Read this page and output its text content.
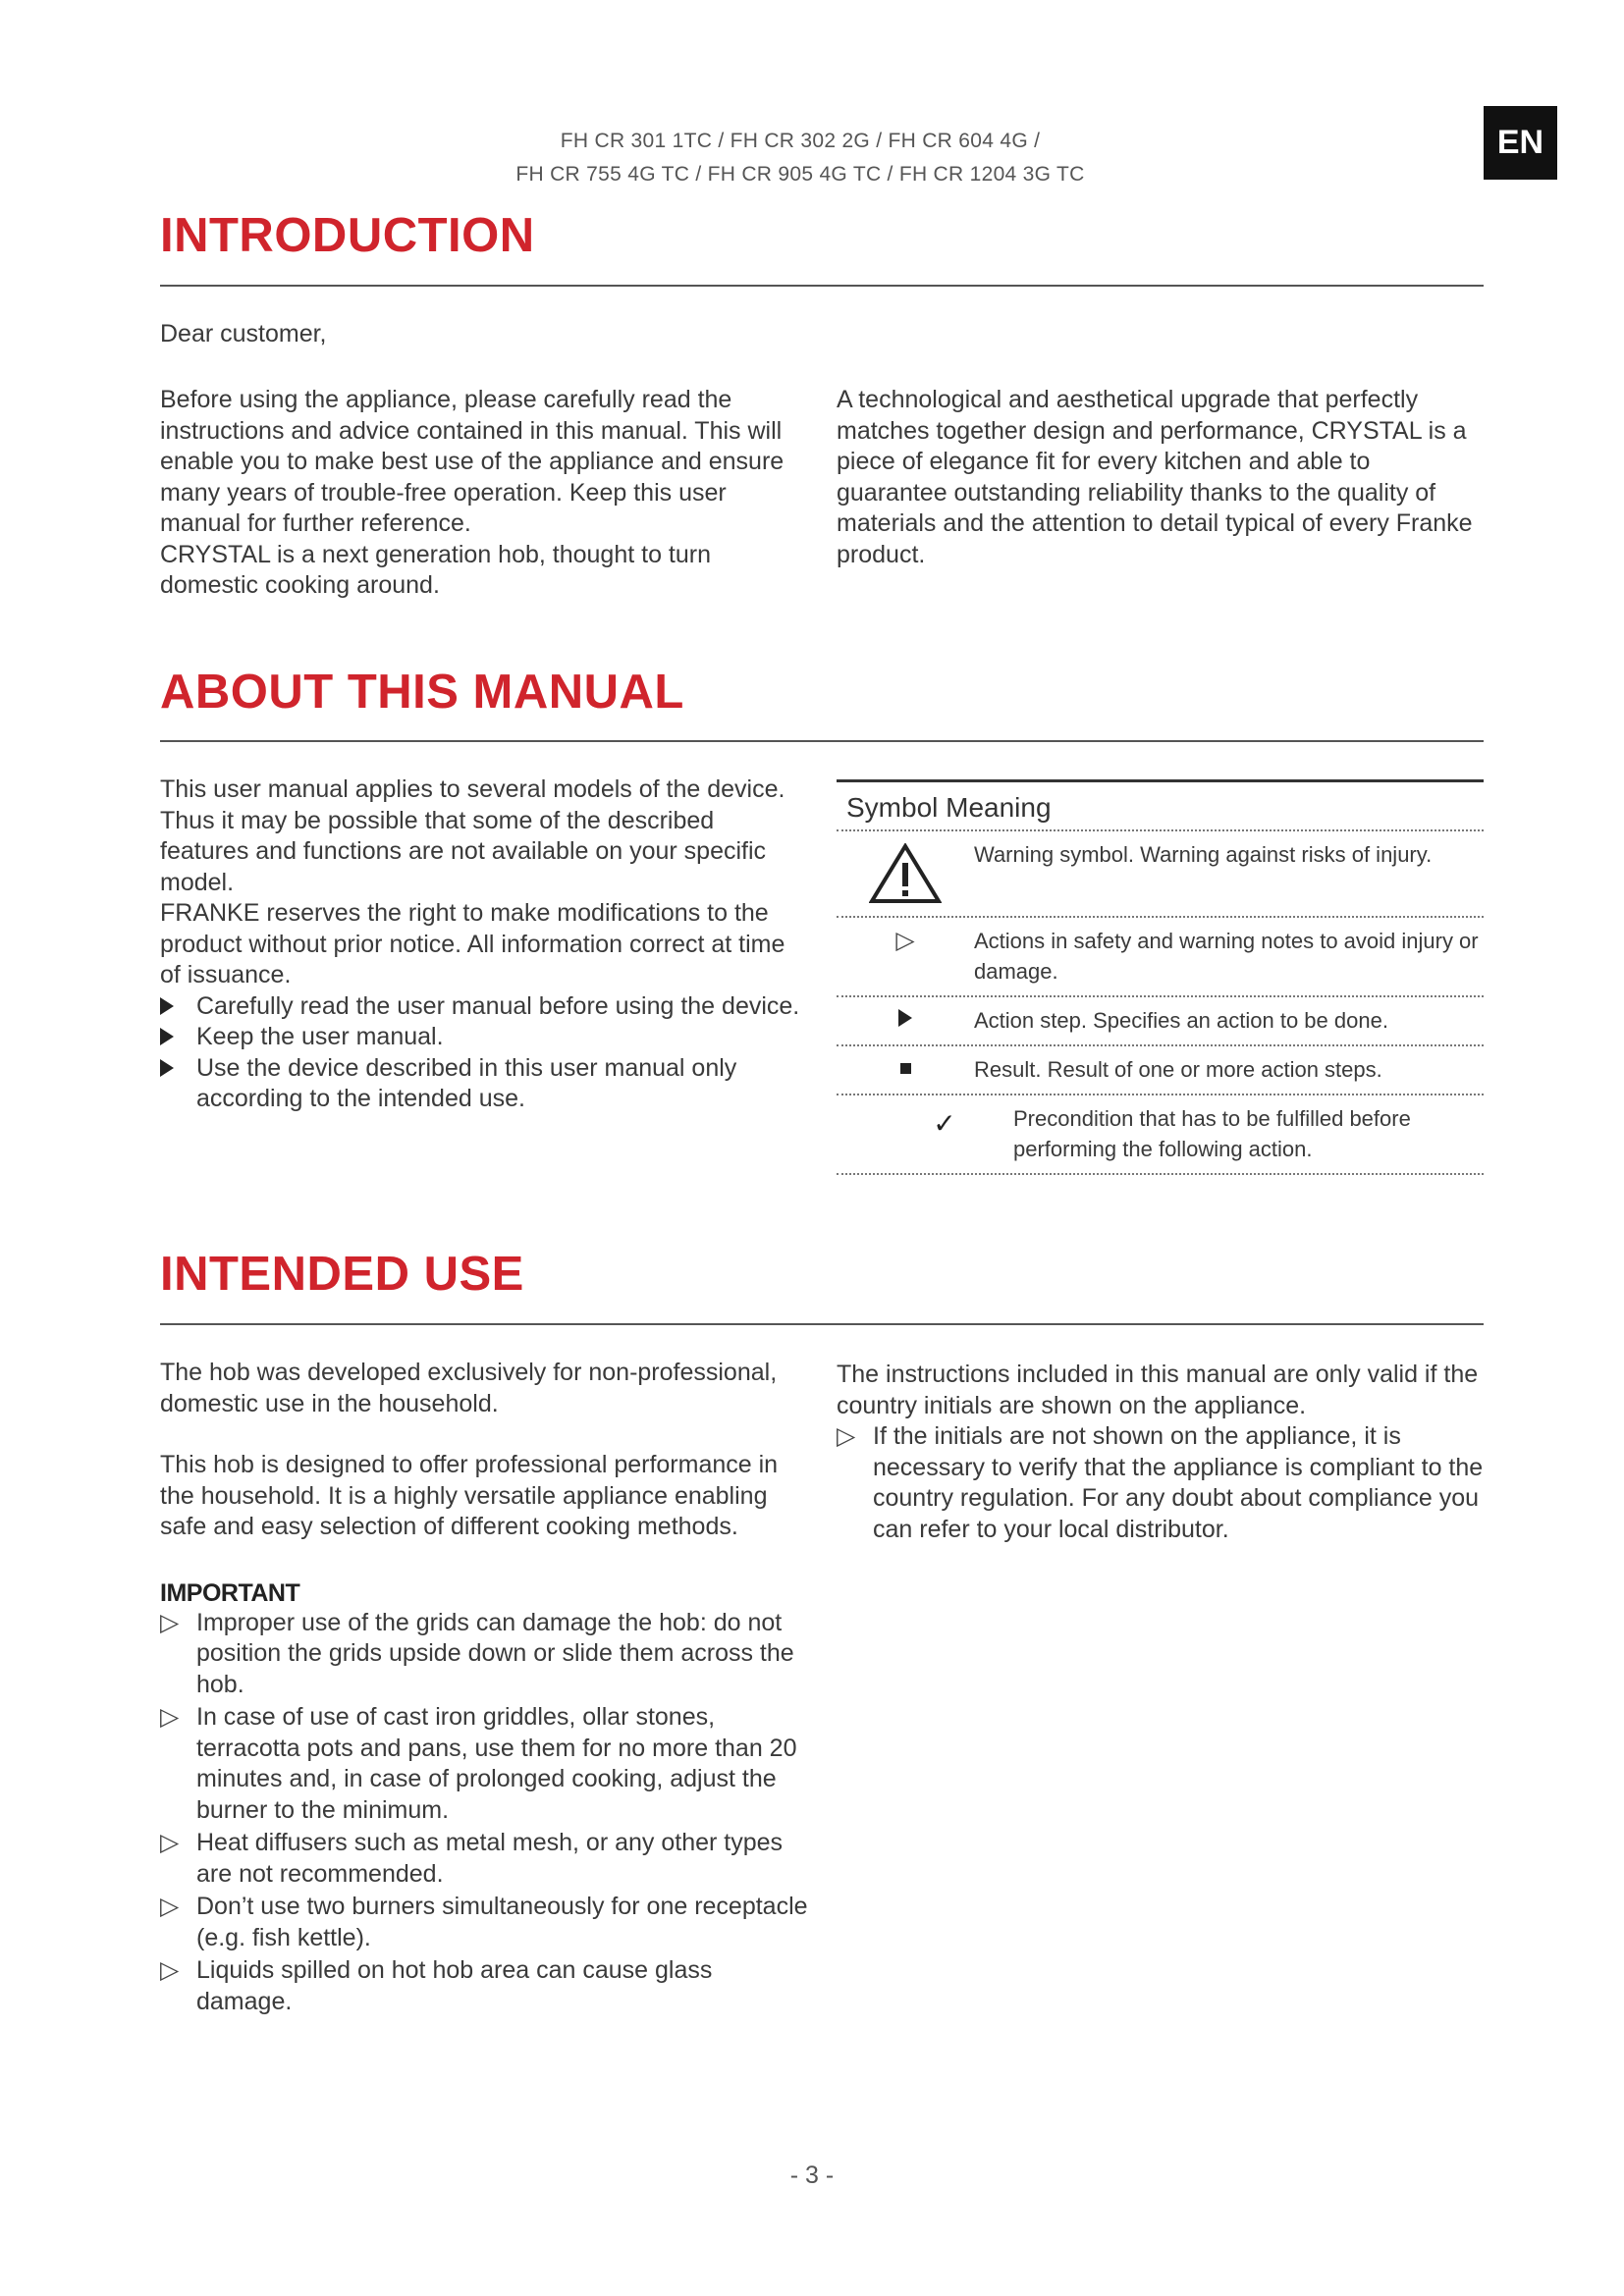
FH CR 301 1TC / FH CR 302 2G / FH CR 604 4G /
FH CR 755 4G TC / FH CR 905 4G TC / FH CR 1204 3G TC
EN
INTRODUCTION

Dear customer,

Before using the appliance, please carefully read the instructions and advice contained in this manual. This will enable you to make best use of the appliance and ensure many years of trouble-free operation. Keep this user manual for further reference.

CRYSTAL is a next generation hob, thought to turn domestic cooking around.

A technological and aesthetical upgrade that perfectly matches together design and performance, CRYSTAL is a piece of elegance fit for every kitchen and able to guarantee outstanding reliability thanks to the quality of materials and the attention to detail typical of every Franke product.

ABOUT THIS MANUAL

This user manual applies to several models of the device. Thus it may be possible that some of the described features and functions are not available on your specific model.

FRANKE reserves the right to make modifications to the product without prior notice. All information correct at time of issuance.

Carefully read the user manual before using the device.
Keep the user manual.
Use the device described in this user manual only according to the intended use.
Symbol Meaning
Warning symbol. Warning against risks of injury.
▷	Actions in safety and warning notes to avoid injury or damage.
Action step. Specifies an action to be done.
Result. Result of one or more action steps.
✓	Precondition that has to be fulfilled before performing the following action.
INTENDED USE

The hob was developed exclusively for non-professional, domestic use in the household.

This hob is designed to offer professional performance in the household. It is a highly versatile appliance enabling safe and easy selection of different cooking methods.

IMPORTANT
▷ Improper use of the grids can damage the hob: do not position the grids upside down or slide them across the hob.
▷ In case of use of cast iron griddles, ollar stones, terracotta pots and pans, use them for no more than 20 minutes and, in case of prolonged cooking, adjust the burner to the minimum.
▷ Heat diffusers such as metal mesh, or any other types are not recommended.
▷ Don’t use two burners simultaneously for one receptacle (e.g. fish kettle).
▷ Liquids spilled on hot hob area can cause glass damage.

The instructions included in this manual are only valid if the country initials are shown on the appliance.

▷ If the initials are not shown on the appliance, it is necessary to verify that the appliance is compliant to the country regulation. For any doubt about compliance you can refer to your local distributor.
- 3 -
